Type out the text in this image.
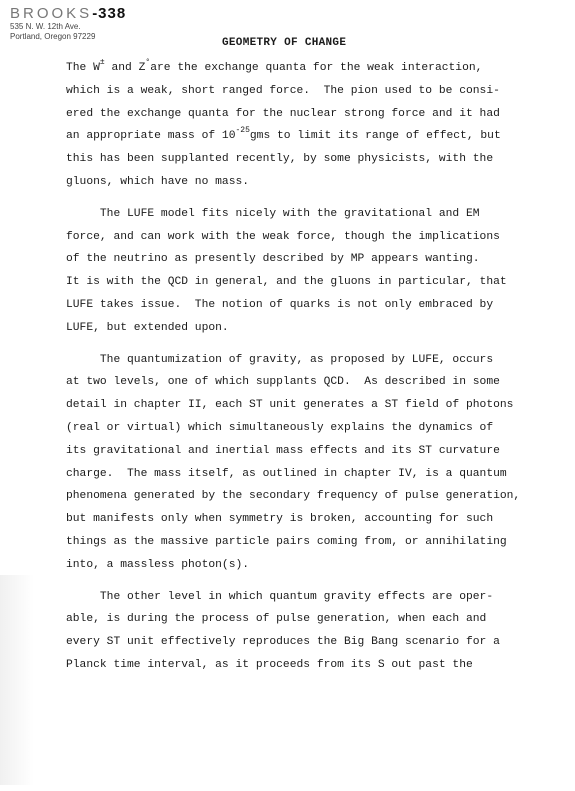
BROOKS-338
535 N. W. 12th Ave.
Portland, Oregon 97229
GEOMETRY OF CHANGE
The W± and Z°are the exchange quanta for the weak interaction,
which is a weak, short ranged force.  The pion used to be consi-
ered the exchange quanta for the nuclear strong force and it had
an appropriate mass of $10^{-25}gms$ to limit its range of effect, but
this has been supplanted recently, by some physicists, with the
gluons, which have no mass.
The LUFE model fits nicely with the gravitational and EM
force, and can work with the weak force, though the implications
of the neutrino as presently described by MP appears wanting.
It is with the QCD in general, and the gluons in particular, that
LUFE takes issue.  The notion of quarks is not only embraced by
LUFE, but extended upon.
The quantumization of gravity, as proposed by LUFE, occurs
at two levels, one of which supplants QCD.  As described in some
detail in chapter II, each ST unit generates a ST field of photons
(real or virtual) which simultaneously explains the dynamics of
its gravitational and inertial mass effects and its ST curvature
charge.  The mass itself, as outlined in chapter IV, is a quantum
phenomena generated by the secondary frequency of pulse generation,
but manifests only when symmetry is broken, accounting for such
things as the massive particle pairs coming from, or annihilating
into, a massless photon(s).
The other level in which quantum gravity effects are oper-
able, is during the process of pulse generation, when each and
every ST unit effectively reproduces the Big Bang scenario for a
Planck time interval, as it proceeds from its S out past the
